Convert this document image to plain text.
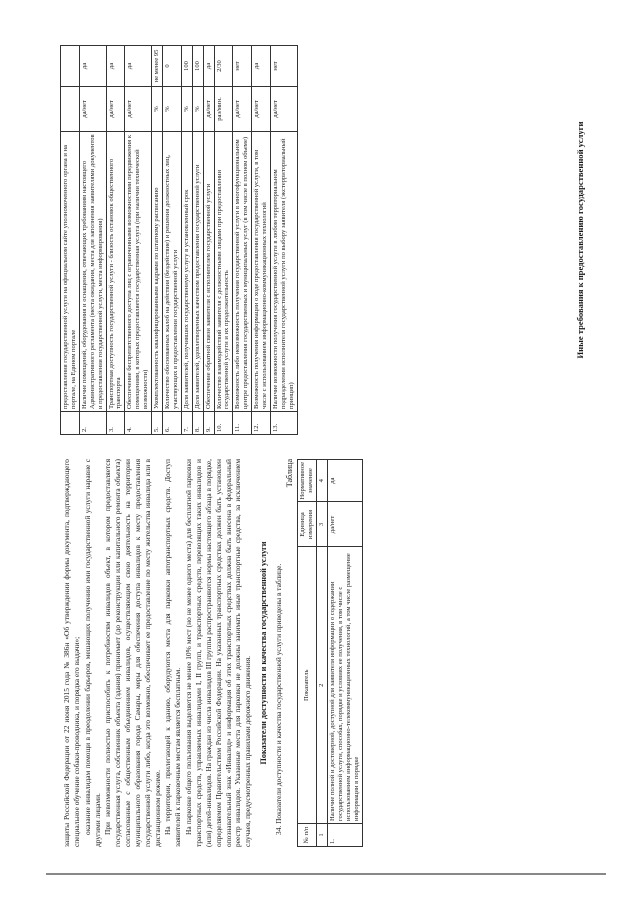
защиты Российской Федерации от 22 июня 2015 года № 386н «Об утверждении формы документа, подтверждающего специальное обучение собаки-проводника, и порядка его выдачи»; оказание инвалидам помощи в преодолении барьеров, мешающих получению ими государственной услуги наравне с другими лицами. При невозможности полностью приспособить к потребностям инвалидов объект, в котором предоставляется государственная услуга, собственник объекта (здания) принимает (до реконструкции или капитального ремонта объекта) согласованные с общественным объединением инвалидов, осуществляющим свою деятельность на территории муниципального образования города Самары, меры для обеспечения доступа инвалидов к месту предоставления государственной услуги либо, когда это возможно, обеспечивает ее предоставление по месту жительства инвалида или в дистанционном режиме. На территории, прилегающей к зданию, оборудуются места для парковки автотранспортных средств. Доступ заявителей к парковочным местам является бесплатным. На парковке общего пользования выделяется не менее 10% мест (но не менее одного места) для бесплатной парковки транспортных средств, управляемых инвалидами I, II групп, и транспортных средств, перевозящих таких инвалидов и (или) детей-инвалидов. На граждан из числа инвалидов III группы распространяются нормы настоящего абзаца в порядке, определяемом Правительством Российской Федерации. На указанных транспортных средствах должен быть установлен опознавательный знак «Инвалид» и информация об этих транспортных средствах должна быть внесена в федеральный реестр инвалидов. Указанные места для парковки не должны занимать иные транспортные средства, за исключением случаев, предусмотренных правилами дорожного движения. Показатели доступности и качества государственной услуги 34. Показатели доступности и качества государственной услуги приведены в таблице.

Таблица
№ п/п	Показатель	Единица измерения	Нормативное значение
1	2	3	4
1.	Наличие полной и достоверной, доступной для заявителя информации о содержании государственной услуги, способах, порядке и условиях ее получения, в том числе с использованием информационно-телекоммуникационных технологий, а том числе размещение информации в порядке	да/нет	да
	предоставления государственной услуги на официальном сайте уполномоченного органа и на портале, на Едином портале		
2.	Наличие помещений, оборудования и оснащения, отвечающих требованиям настоящего Административного регламента (места ожидания, места для заполнения заявителями документов и предоставления государственной услуги, места информирования)	да/нет	да
3.	Транспортная доступность государственной услуги - близость остановок общественного транспорта	да/нет	да
4.	Обеспечение беспрепятственного доступа лиц с ограниченными возможностями передвижения к помещениям, в которых предоставляется государственная услуга (при наличии технической возможности)	да/нет	да
5.	Укомплектованность квалифицированными кадрами по штатному расписанию	%	не менее 95
6.	Количество обоснованных жалоб на действия (бездействие) и решения должностных лиц, участвующих в предоставлении государственной услуги	%	0
7.	Доля заявителей, получивших государственную услугу в установленный срок	%	100
8.	Доля заявителей, удовлетворенных качеством предоставления государственной услуги	%	100
9.	Обеспечение обратной связи заявителя с исполнителем государственной услуги	да/нет	да
10.	Количество взаимодействий заявителя с должностными лицами при предоставлении государственной услуги и их продолжительность	раз/мин.	2/30
11.	Возможность либо невозможность получения государственной услуги в многофункциональном центре предоставления государственных и муниципальных услуг (в том числе в полном объеме)	да/нет	нет
12.	Возможность получения информации о ходе предоставления государственной услуги, в том числе с использованием информационно-коммуникационных технологий	да/нет	да
13.	Наличие возможности получения государственной услуги в любом территориальном подразделении исполнителя государственной услуги по выбору заявителя (экстерриториальный принцип)	да/нет	нет
Иные требования к предоставлению государственной услуги
